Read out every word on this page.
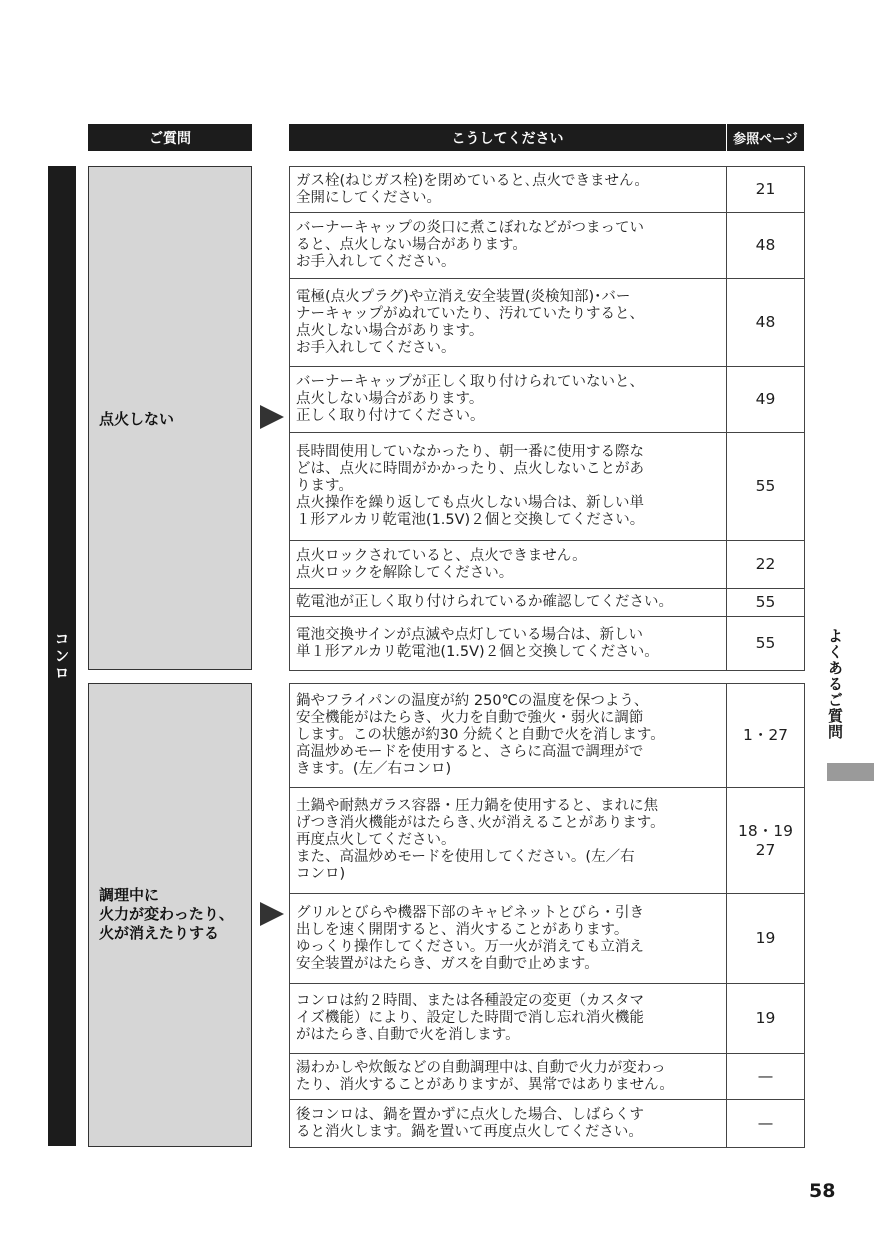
ご質問	こうしてください	参照ページ
コンロ
点火しない
ガス栓(ねじガス栓)を閉めていると､点火できません。
全開にしてください。	21
バーナーキャップの炎口に煮こぼれなどがつまってい
ると、点火しない場合があります。
お手入れしてください。	48
電極(点火プラグ)や立消え安全装置(炎検知部)･バー
ナーキャップがぬれていたり、汚れていたりすると、
点火しない場合があります。
お手入れしてください。	48
バーナーキャップが正しく取り付けられていないと、
点火しない場合があります。
正しく取り付けてください。	49
長時間使用していなかったり、朝一番に使用する際な
どは、点火に時間がかかったり、点火しないことがあ
ります。
点火操作を繰り返しても点火しない場合は、新しい単
１形アルカリ乾電池(1.5V)２個と交換してください。	55
点火ロックされていると、点火できません。
点火ロックを解除してください。	22
乾電池が正しく取り付けられているか確認してください。	55
電池交換サインが点滅や点灯している場合は、新しい
単１形アルカリ乾電池(1.5V)２個と交換してください。	55
調理中に
火力が変わったり、
火が消えたりする
鍋やフライパンの温度が約 250℃の温度を保つよう、
安全機能がはたらき、火力を自動で強火・弱火に調節
します。この状態が約30 分続くと自動で火を消します。
高温炒めモードを使用すると、さらに高温で調理がで
きます。(左／右コンロ)	1・27
土鍋や耐熱ガラス容器・圧力鍋を使用すると、まれに焦
げつき消火機能がはたらき､火が消えることがあります。
再度点火してください。
また、高温炒めモードを使用してください。(左／右
コンロ)	18・19
27
グリルとびらや機器下部のキャビネットとびら・引き
出しを速く開閉すると、消火することがあります。
ゆっくり操作してください。万一火が消えても立消え
安全装置がはたらき、ガスを自動で止めます。	19
コンロは約２時間、または各種設定の変更（カスタマ
イズ機能）により、設定した時間で消し忘れ消火機能
がはたらき､自動で火を消します。	19
湯わかしや炊飯などの自動調理中は､自動で火力が変わっ
たり、消火することがありますが、異常ではありません。	—
後コンロは、鍋を置かずに点火した場合、しばらくす
ると消火します。鍋を置いて再度点火してください。	—
よくあるご質問
58
